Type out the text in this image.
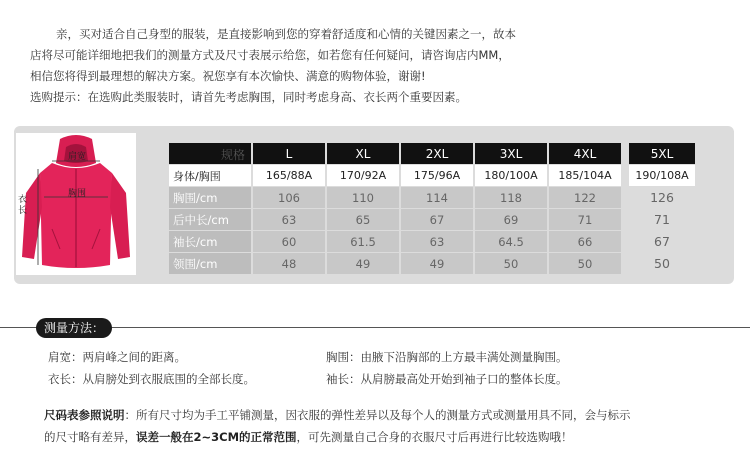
亲，买对适合自己身型的服装，是直接影响到您的穿着舒适度和心情的关键因素之一，故本

店将尽可能详细地把我们的测量方式及尺寸表展示给您，如若您有任何疑问，请咨询店内MM，

相信您将得到最理想的解决方案。祝您享有本次愉快、满意的购物体验，谢谢!

选购提示：在选购此类服装时，请首先考虑胸围，同时考虑身高、衣长两个重要因素。

肩宽
胸围
衣长
规格	L	XL	2XL	3XL	4XL		5XL
身体/胸围	165/88A	170/92A	175/96A	180/100A	185/104A		190/108A
胸围/cm	106	110	114	118	122		126
后中长/cm	63	65	67	69	71		71
袖长/cm	60	61.5	63	64.5	66		67
领围/cm	48	49	49	50	50		50
测量方法：
肩宽：两肩峰之间的距离。	胸围：由腋下沿胸部的上方最丰满处测量胸围。
衣长：从肩膀处到衣服底围的全部长度。	袖长：从肩膀最高处开始到袖子口的整体长度。
尺码表参照说明：所有尺寸均为手工平铺测量，因衣服的弹性差异以及每个人的测量方式或测量用具不同，会与标示
的尺寸略有差异，误差一般在2~3CM的正常范围，可先测量自己合身的衣服尺寸后再进行比较选购哦！
